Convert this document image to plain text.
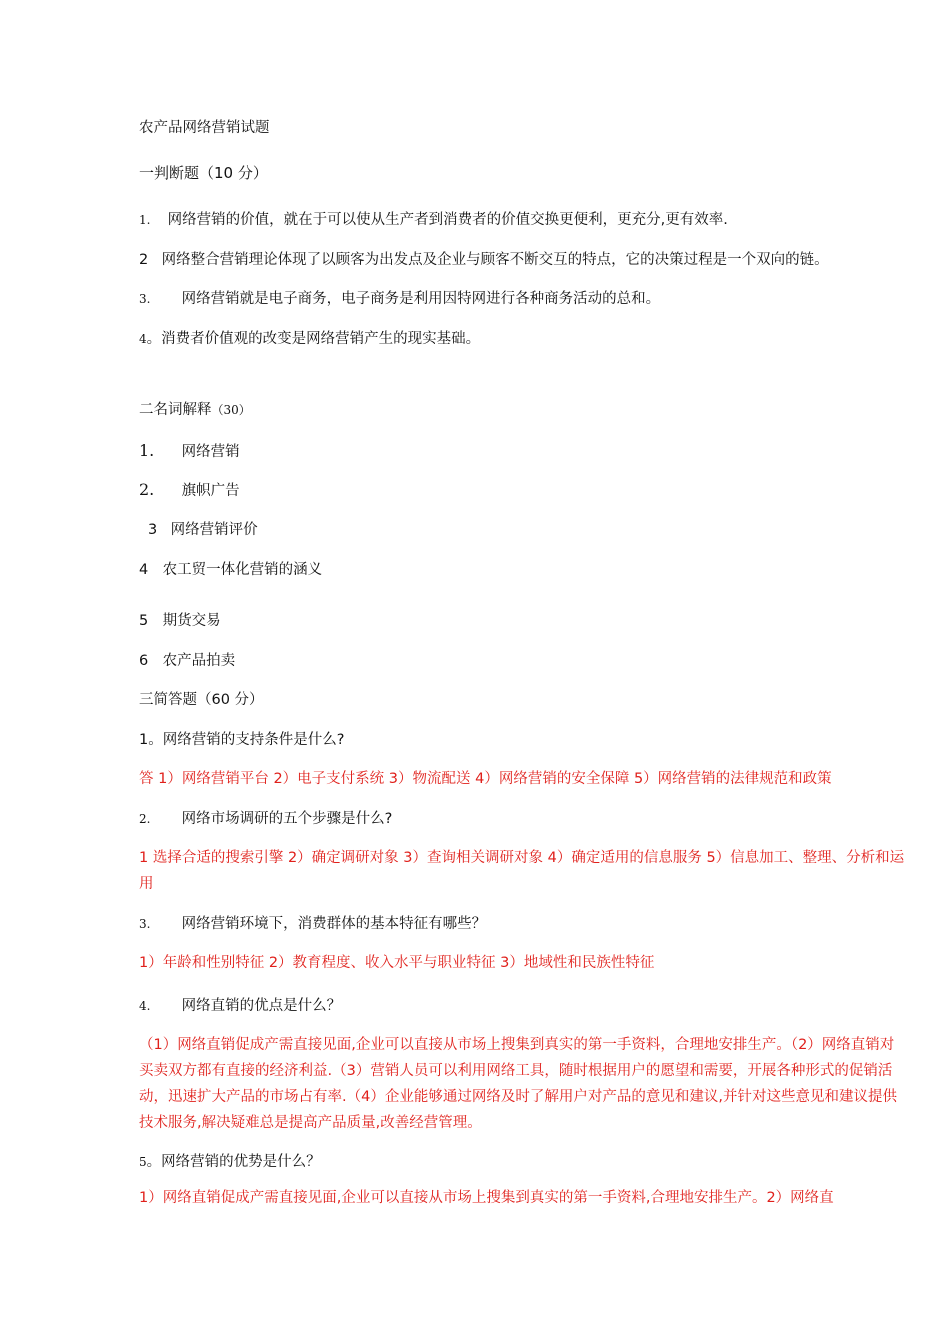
农产品网络营销试题
一判断题（10 分）
1. 网络营销的价值，就在于可以使从生产者到消费者的价值交换更便利，更充分,更有效率.
2 网络整合营销理论体现了以顾客为出发点及企业与顾客不断交互的特点，它的决策过程是一个双向的链。
3. 网络营销就是电子商务，电子商务是利用因特网进行各种商务活动的总和。
4。消费者价值观的改变是网络营销产生的现实基础。
二名词解释（30）
1. 网络营销
2. 旗帜广告
3 网络营销评价
4 农工贸一体化营销的涵义
5 期货交易
6 农产品拍卖
三简答题（60 分）
1。网络营销的支持条件是什么?
答 1）网络营销平台 2）电子支付系统 3）物流配送 4）网络营销的安全保障 5）网络营销的法律规范和政策
2. 网络市场调研的五个步骤是什么?
1 选择合适的搜索引擎 2）确定调研对象 3）查询相关调研对象 4）确定适用的信息服务 5）信息加工、整理、分析和运用
3. 网络营销环境下，消费群体的基本特征有哪些？
1）年龄和性别特征 2）教育程度、收入水平与职业特征 3）地域性和民族性特征
4. 网络直销的优点是什么？
（1）网络直销促成产需直接见面,企业可以直接从市场上搜集到真实的第一手资料，合理地安排生产。（2）网络直销对买卖双方都有直接的经济利益.（3）营销人员可以利用网络工具，随时根据用户的愿望和需要，开展各种形式的促销活动，迅速扩大产品的市场占有率.（4）企业能够通过网络及时了解用户对产品的意见和建议,并针对这些意见和建议提供技术服务,解决疑难总是提高产品质量,改善经营管理。
5。网络营销的优势是什么？
1）网络直销促成产需直接见面,企业可以直接从市场上搜集到真实的第一手资料,合理地安排生产。2）网络直
